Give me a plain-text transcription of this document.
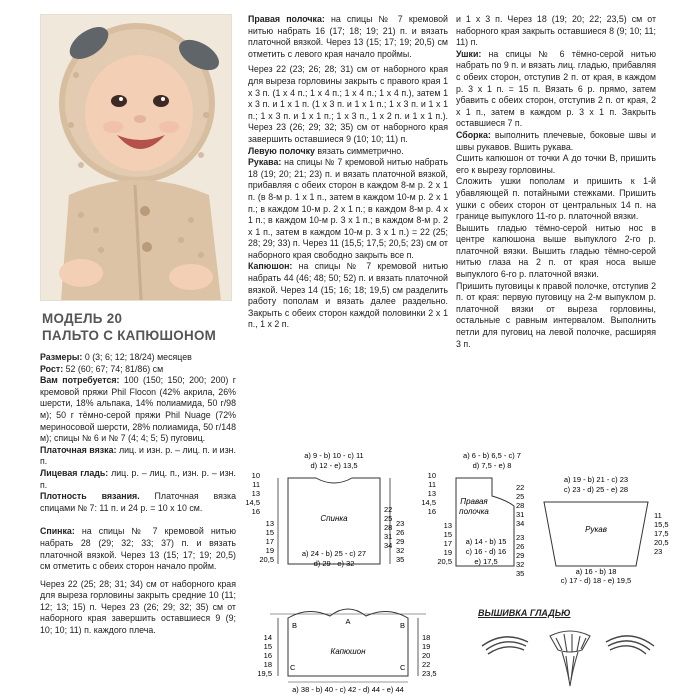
МОДЕЛЬ 20
ПАЛЬТО С КАПЮШОНОМ

Размеры: 0 (3; 6; 12; 18/24) месяцев

Рост: 52 (60; 67; 74; 81/86) см

Вам потребуется: 100 (150; 150; 200; 200) г кремовой пряжи Phil Flocon (42% акрила, 26% шерсти, 18% альпака, 14% полиамида, 50 г/98 м); 50 г тёмно-серой пряжи Phil Nuage (72% мериносовой шерсти, 28% полиамида, 50 г/148 м); спицы № 6 и № 7 (4; 4; 5; 5) пуговиц.

Платочная вязка: лиц. и изн. р. – лиц. п. и изн. п.

Лицевая гладь: лиц. р. – лиц. п., изн. р. – изн. п.

Плотность вязания. Платочная вязка спицами № 7: 11 п. и 24 р. = 10 х 10 см.

Спинка: на спицы № 7 кремовой нитью набрать 28 (29; 32; 33; 37) п. и вязать платочной вязкой. Через 13 (15; 17; 19; 20,5) см отметить с обеих сторон начало пройм.

Через 22 (25; 28; 31; 34) см от наборного края для выреза горловины закрыть средние 10 (11; 12; 13; 15) п. Через 23 (26; 29; 32; 35) см от наборного края завершить оставшиеся 9 (9; 10; 10; 11) п. каждого плеча.

Правая полочка: на спицы № 7 кремовой нитью набрать 16 (17; 18; 19; 21) п. и вязать платочной вязкой. Через 13 (15; 17; 19; 20,5) см отметить с левого края начало проймы.

Через 22 (23; 26; 28; 31) см от наборного края для выреза горловины закрыть с правого края 1 х 3 п. (1 х 4 п.; 1 х 4 п.; 1 х 4 п.; 1 х 4 п.), затем 1 х 3 п. и 1 х 1 п. (1 х 3 п. и 1 х 1 п.; 1 х 3 п. и 1 х 1 п.; 1 х 3 п. и 1 х 1 п.; 1 х 3 п., 1 х 2 п. и 1 х 1 п.). Через 23 (26; 29; 32; 35) см от наборного края завершить оставшиеся 9 (10; 10; 11) п.

Левую полочку вязать симметрично.

Рукава: на спицы № 7 кремовой нитью набрать 18 (19; 20; 21; 23) п. и вязать платочной вязкой, прибавляя с обеих сторон в каждом 8-м р. 2 х 1 п. (в 8-м р. 1 х 1 п., затем в каждом 10-м р. 2 х 1 п.; в каждом 10-м р. 2 х 1 п.; в каждом 8-м р. 4 х 1 п.; в каждом 10-м р. 3 х 1 п.; в каждом 8-м р. 2 х 1 п., затем в каждом 10-м р. 3 х 1 п.) = 22 (25; 28; 29; 33) п. Через 11 (15,5; 17,5; 20,5; 23) см от наборного края свободно закрыть все п.

Капюшон: на спицы № 7 кремовой нитью набрать 44 (46; 48; 50; 52) п. и вязать платочной вязкой. Через 14 (15; 16; 18; 19,5) см разделить работу пополам и вязать далее раздельно. Закрыть с обеих сторон каждой половинки 2 х 1 п., 1 х 2 п.

и 1 х 3 п. Через 18 (19; 20; 22; 23,5) см от наборного края закрыть оставшиеся 8 (9; 10; 11; 11) п.

Ушки: на спицы № 6 тёмно-серой нитью набрать по 9 п. и вязать лиц. гладью, прибавляя с обеих сторон, отступив 2 п. от края, в каждом р. 3 х 1 п. = 15 п. Вязать 6 р. прямо, затем убавить с обеих сторон, отступив 2 п. от края, 2 х 1 п., затем в каждом р. 3 х 1 п. Закрыть оставшиеся 7 п.

Сборка: выполнить плечевые, боковые швы и швы рукавов. Вшить рукава.

Сшить капюшон от точки А до точки В, пришить его к вырезу горловины.

Сложить ушки пополам и пришить к 1-й убавляющей п. потайными стежками. Пришить ушки с обеих сторон от центральных 14 п. на границе выпуклого 11-го р. платочной вязки.

Вышить гладью тёмно-серой нитью нос в центре капюшона выше выпуклого 2-го р. платочной вязки. Вышить гладью тёмно-серой нитью глаза на 2 п. от края носа выше выпуклого 6-го р. платочной вязки.

Пришить пуговицы к правой полочке, отступив 2 п. от края: первую пуговицу на 2-м выпуклом р. платочной вязки от выреза горловины, остальные с равным интервалом. Выполнить петли для пуговиц на левой полочке, расширяя 3 п.

а) 9 - b) 10 - c) 11
d) 12 - e) 13,5
Спинка
a) 24 - b) 25 - c) 27
d) 29 - e) 32
10
11
13
14,5
16
13
15
17
19
20,5
22
25
28
31
34
23
26
29
32
35
a) 6 - b) 6,5 - c) 7
d) 7,5 - e) 8
Правая
полочка
a) 14 - b) 15
c) 16 - d) 16
e) 17,5
10
11
13
14,5
16
13
15
17
19
20,5
22
25
28
31
34
23
26
29
32
35
a) 19 - b) 21 - c) 23
c) 23 - d) 25 - e) 28
Рукав
11
15,5
17,5
20,5
23
a) 16 - b) 18
c) 17 - d) 18 - e) 19,5
A
B	B
C	C
Капюшон
14
15
16
18
19,5
18
19
20
22
23,5
a) 38 - b) 40 - c) 42 - d) 44 - e) 44
ВЫШИВКА ГЛАДЬЮ
